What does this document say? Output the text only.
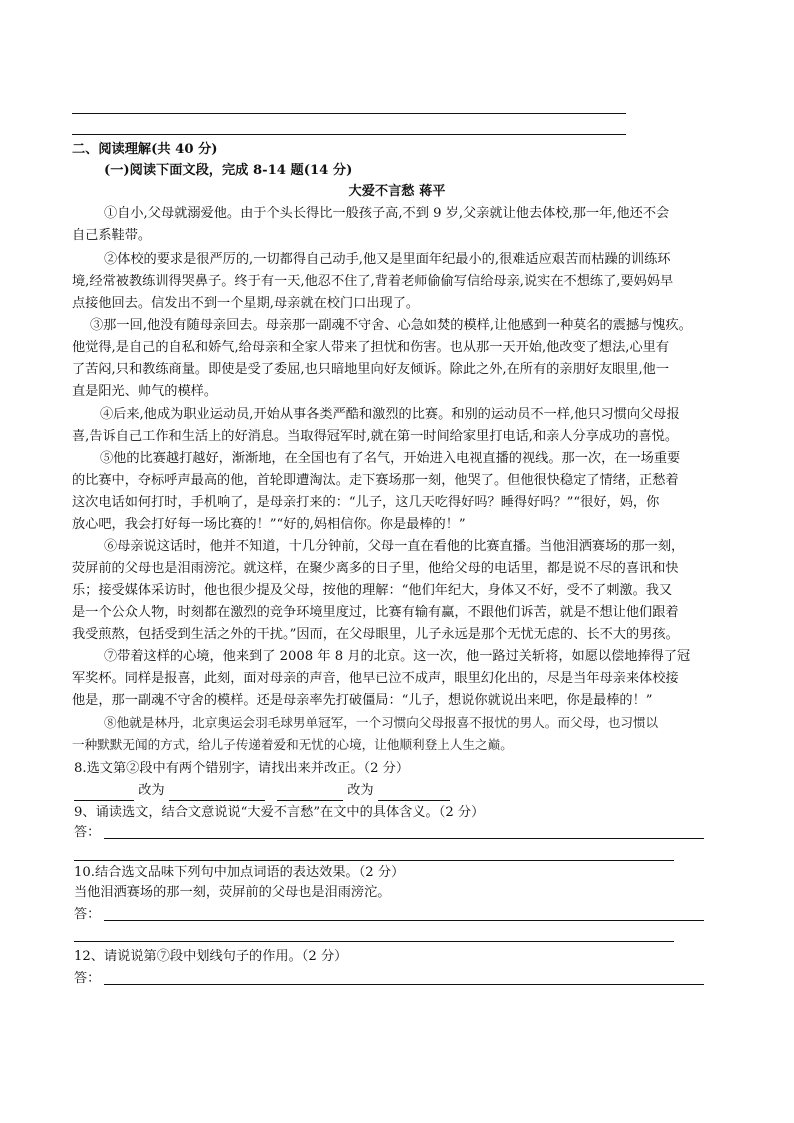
二、阅读理解(共 40 分)
(一)阅读下面文段，完成 8-14 题(14 分)
大爱不言愁 蒋平
①自小,父母就溺爱他。由于个头长得比一般孩子高,不到 9 岁,父亲就让他去体校,那一年,他还不会
自己系鞋带。
②体校的要求是很严厉的,一切都得自己动手,他又是里面年纪最小的,很难适应艰苦而枯躁的训练环
境,经常被教练训得哭鼻子。终于有一天,他忍不住了,背着老师偷偷写信给母亲,说实在不想练了,要妈妈早
点接他回去。信发出不到一个星期,母亲就在校门口出现了。
③那一回,他没有随母亲回去。母亲那一副魂不守舍、心急如焚的模样,让他感到一种莫名的震撼与愧疚。
他觉得,是自己的自私和娇气,给母亲和全家人带来了担忧和伤害。也从那一天开始,他改变了想法,心里有
了苦闷,只和教练商量。即使是受了委屈,也只暗地里向好友倾诉。除此之外,在所有的亲朋好友眼里,他一
直是阳光、帅气的模样。
④后来,他成为职业运动员,开始从事各类严酷和激烈的比赛。和别的运动员不一样,他只习惯向父母报
喜,告诉自己工作和生活上的好消息。当取得冠军时,就在第一时间给家里打电话,和亲人分享成功的喜悦。
⑤他的比赛越打越好，渐渐地，在全国也有了名气，开始进入电视直播的视线。那一次，在一场重要
的比赛中，夺标呼声最高的他，首轮即遭淘汰。走下赛场那一刻，他哭了。但他很快稳定了情绪，正愁着
这次电话如何打时，手机响了，是母亲打来的：“儿子，这几天吃得好吗？睡得好吗？”“很好，妈，你
放心吧，我会打好每一场比赛的！”“好的,妈相信你。你是最棒的！”
⑥母亲说这话时，他并不知道，十几分钟前，父母一直在看他的比赛直播。当他泪洒赛场的那一刻，
荧屏前的父母也是泪雨滂沱。就这样，在聚少离多的日子里，他给父母的电话里，都是说不尽的喜讯和快
乐；接受媒体采访时，他也很少提及父母，按他的理解：“他们年纪大，身体又不好，受不了刺激。我又
是一个公众人物，时刻都在激烈的竞争环境里度过，比赛有输有赢，不跟他们诉苦，就是不想让他们跟着
我受煎熬，包括受到生活之外的干扰。”因而，在父母眼里，儿子永远是那个无忧无虑的、长不大的男孩。
⑦带着这样的心境，他来到了 2008 年 8 月的北京。这一次，他一路过关斩将，如愿以偿地捧得了冠
军奖杯。同样是报喜，此刻，面对母亲的声音，他早已泣不成声，眼里幻化出的，尽是当年母亲来体校接
他是，那一副魂不守舍的模样。还是母亲率先打破僵局：“儿子，想说你就说出来吧，你是最棒的！”
⑧他就是林丹，北京奥运会羽毛球男单冠军，一个习惯向父母报喜不报忧的男人。而父母，也习惯以
一种默默无闻的方式，给儿子传递着爱和无忧的心境，让他顺利登上人生之巅。
8.选文第②段中有两个错别字，请找出来并改正。（2 分）
改为	改为
9、诵读选文，结合文意说说“大爱不言愁”在文中的具体含义。（2 分）
答：
10.结合选文品味下列句中加点词语的表达效果。（2 分）
当他泪洒赛场的那一刻，荧屏前的父母也是泪雨滂沱。
答：
12、请说说第⑦段中划线句子的作用。（2 分）
答：
